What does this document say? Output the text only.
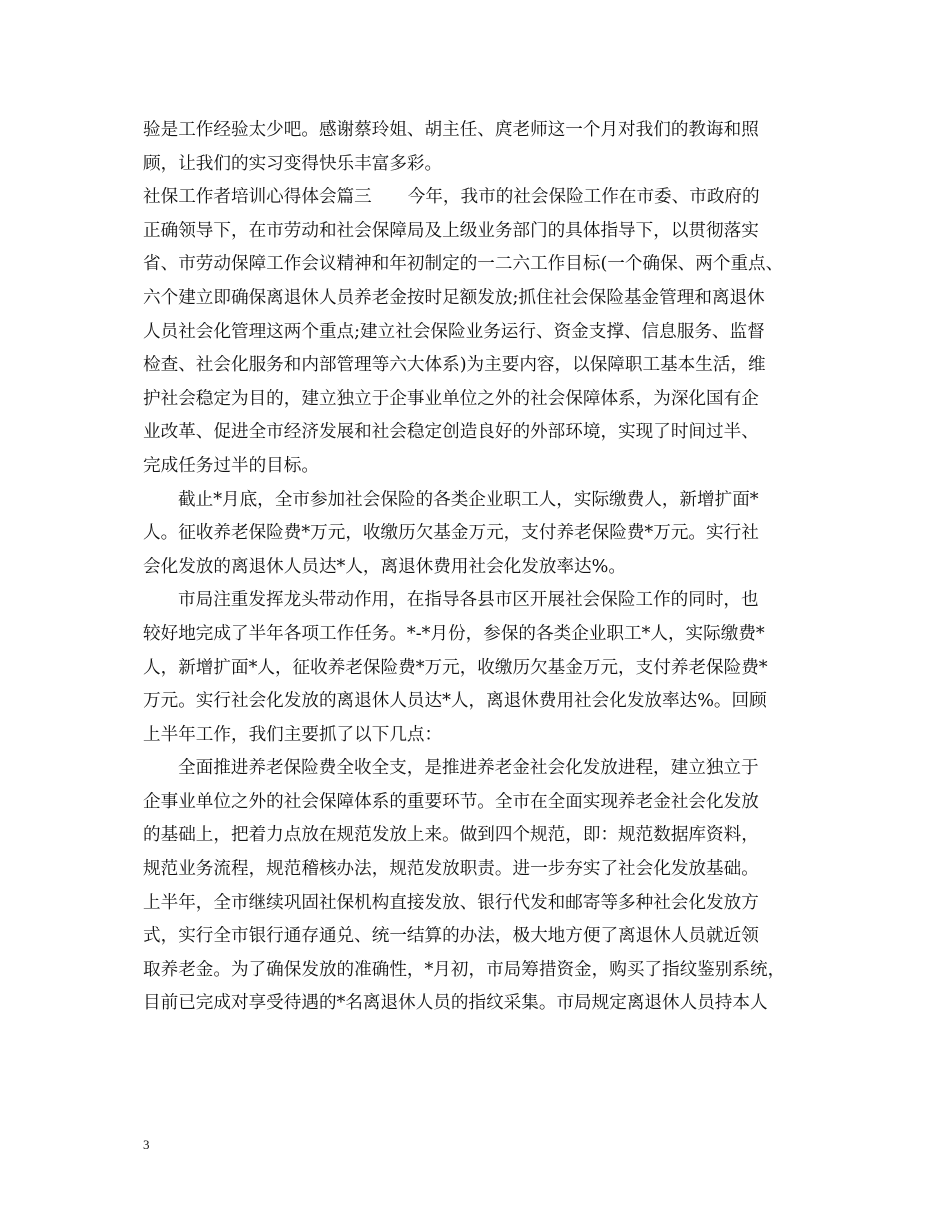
验是工作经验太少吧。感谢蔡玲姐、胡主任、庹老师这一个月对我们的教诲和照
顾，让我们的实习变得快乐丰富多彩。
社保工作者培训心得体会篇三 今年，我市的社会保险工作在市委、市政府的
正确领导下，在市劳动和社会保障局及上级业务部门的具体指导下，以贯彻落实
省、市劳动保障工作会议精神和年初制定的一二六工作目标(一个确保、两个重点、
六个建立即确保离退休人员养老金按时足额发放;抓住社会保险基金管理和离退休
人员社会化管理这两个重点;建立社会保险业务运行、资金支撑、信息服务、监督
检查、社会化服务和内部管理等六大体系)为主要内容，以保障职工基本生活，维
护社会稳定为目的，建立独立于企事业单位之外的社会保障体系，为深化国有企
业改革、促进全市经济发展和社会稳定创造良好的外部环境，实现了时间过半、
完成任务过半的目标。
截止*月底，全市参加社会保险的各类企业职工人，实际缴费人，新增扩面*
人。征收养老保险费*万元，收缴历欠基金万元，支付养老保险费*万元。实行社
会化发放的离退休人员达*人，离退休费用社会化发放率达%。
市局注重发挥龙头带动作用，在指导各县市区开展社会保险工作的同时，也
较好地完成了半年各项工作任务。*-*月份，参保的各类企业职工*人，实际缴费*
人，新增扩面*人，征收养老保险费*万元，收缴历欠基金万元，支付养老保险费*
万元。实行社会化发放的离退休人员达*人，离退休费用社会化发放率达%。回顾
上半年工作，我们主要抓了以下几点：
全面推进养老保险费全收全支，是推进养老金社会化发放进程，建立独立于
企事业单位之外的社会保障体系的重要环节。全市在全面实现养老金社会化发放
的基础上，把着力点放在规范发放上来。做到四个规范，即：规范数据库资料，
规范业务流程，规范稽核办法，规范发放职责。进一步夯实了社会化发放基础。
上半年，全市继续巩固社保机构直接发放、银行代发和邮寄等多种社会化发放方
式，实行全市银行通存通兑、统一结算的办法，极大地方便了离退休人员就近领
取养老金。为了确保发放的准确性，*月初，市局筹措资金，购买了指纹鉴别系统，
目前已完成对享受待遇的*名离退休人员的指纹采集。市局规定离退休人员持本人
3
